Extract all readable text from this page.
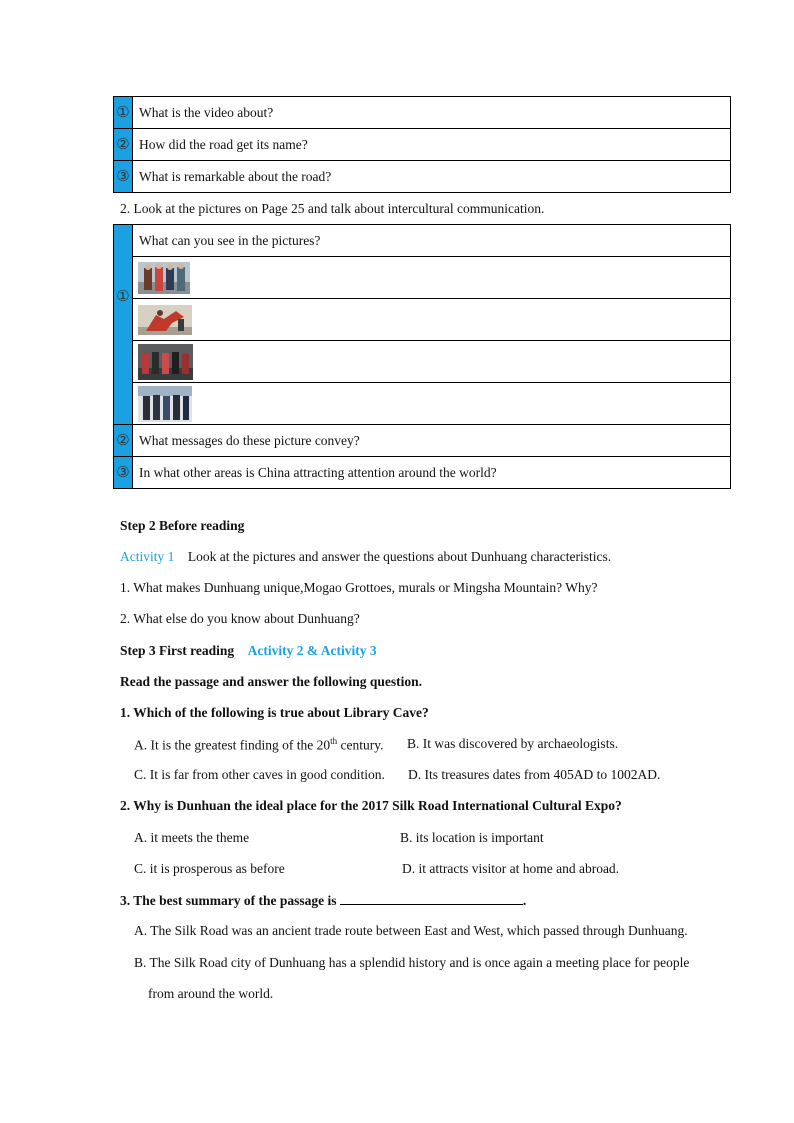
①	What is the video about?
②	How did the road get its name?
③	What is remarkable about the road?
2. Look at the pictures on Page 25 and talk about intercultural communication.
①	What can you see in the pictures?

②	What messages do these picture convey?
③	In what other areas is China attracting attention around the world?
Step 2 Before reading
Activity 1 Look at the pictures and answer the questions about Dunhuang characteristics.
1. What makes Dunhuang unique,Mogao Grottoes, murals or Mingsha Mountain? Why?
2. What else do you know about Dunhuang?
Step 3 First reading Activity 2 & Activity 3
Read the passage and answer the following question.
1. Which of the following is true about Library Cave?
A. It is the greatest finding of the 20th century. B. It was discovered by archaeologists.
C. It is far from other caves in good condition. D. Its treasures dates from 405AD to 1002AD.
2. Why is Dunhuan the ideal place for the 2017 Silk Road International Cultural Expo?
A. it meets the theme	B. its location is important
C. it is prosperous as before	D. it attracts visitor at home and abroad.
3. The best summary of the passage is	.
A. The Silk Road was an ancient trade route between East and West, which passed through Dunhuang.
B. The Silk Road city of Dunhuang has a splendid history and is once again a meeting place for people
from around the world.
